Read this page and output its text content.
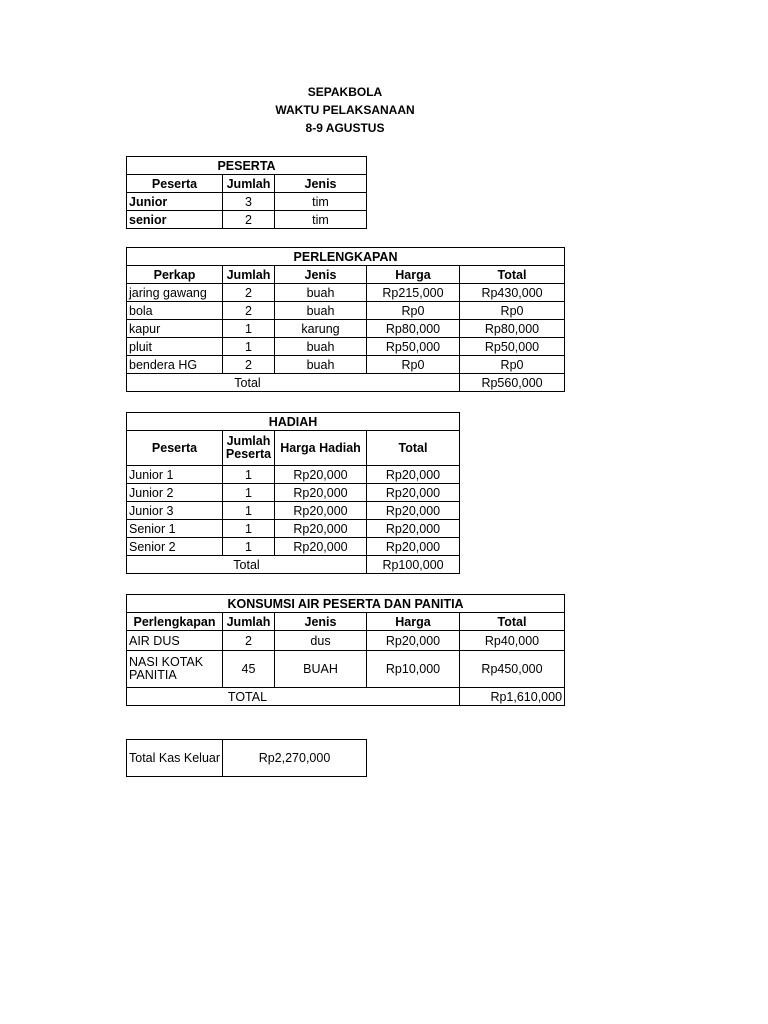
SEPAKBOLA
WAKTU PELAKSANAAN
8-9 AGUSTUS
PESERTA		
Peserta	Jumlah	Jenis
Junior	3	tim
senior	2	tim
PERLENGKAPAN				
Perkap	Jumlah	Jenis	Harga	Total
jaring gawang	2	buah	Rp215,000	Rp430,000
bola	2	buah	Rp0	Rp0
kapur	1	karung	Rp80,000	Rp80,000
pluit	1	buah	Rp50,000	Rp50,000
bendera HG	2	buah	Rp0	Rp0
Total				Rp560,000
HADIAH			
Peserta	Jumlah Peserta	Harga Hadiah	Total
Junior 1	1	Rp20,000	Rp20,000
Junior 2	1	Rp20,000	Rp20,000
Junior 3	1	Rp20,000	Rp20,000
Senior 1	1	Rp20,000	Rp20,000
Senior 2	1	Rp20,000	Rp20,000
Total			Rp100,000
KONSUMSI AIR PESERTA DAN PANITIA				
Perlengkapan	Jumlah	Jenis	Harga	Total
AIR DUS	2	dus	Rp20,000	Rp40,000
NASI KOTAK PANITIA	45	BUAH	Rp10,000	Rp450,000
TOTAL				Rp1,610,000
Total Kas Keluar	Rp2,270,000
